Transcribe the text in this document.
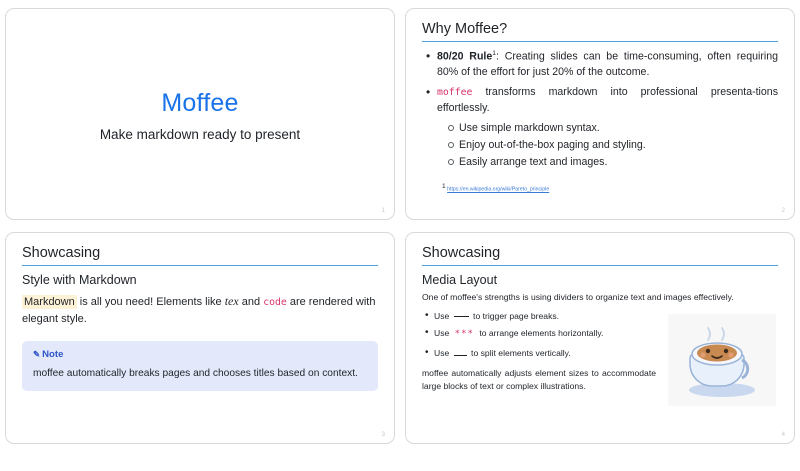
Moffee
Make markdown ready to present
1
Why Moffee?
• 80/20 Rule$^1$: Creating slides can be time-consuming, often requiring 80% of the effort for just 20% of the outcome.
• moffee transforms markdown into professional presenta-tions effortlessly.
Use simple markdown syntax.
Enjoy out-of-the-box paging and styling.
Easily arrange text and images.
$^1$ https://en.wikipedia.org/wiki/Pareto_principle
2
Showcasing
Style with Markdown
Markdown is all you need! Elements like tex and code are rendered with elegant style.
✎ Note
moffee automatically breaks pages and chooses titles based on context.
3
Showcasing
Media Layout
One of moffee's strengths is using dividers to organize text and images effectively.
• Use  to trigger page breaks.
• Use *** to arrange elements horizontally.
• Use  to split elements vertically.
moffee automatically adjusts element sizes to accommodate large blocks of text or complex illustrations.
4
